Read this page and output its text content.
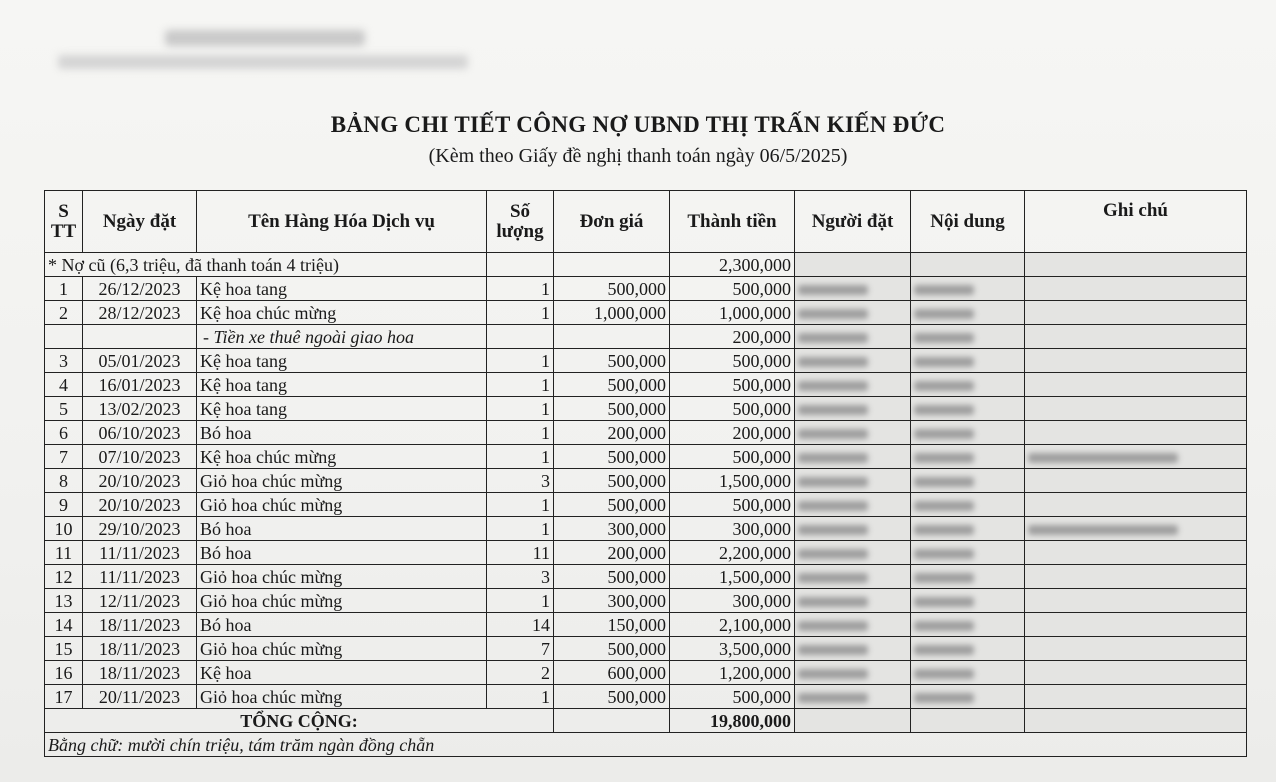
BẢNG CHI TIẾT CÔNG NỢ UBND THỊ TRẤN KIẾN ĐỨC
(Kèm theo Giấy đề nghị thanh toán ngày 06/5/2025)
S TT	Ngày đặt	Tên Hàng Hóa Dịch vụ	Số lượng	Đơn giá	Thành tiền	Người đặt	Nội dung	Ghi chú
* Nợ cũ (6,3 triệu, đã thanh toán 4 triệu)					2,300,000			
1	26/12/2023	Kệ hoa tang	1	500,000	500,000			
2	28/12/2023	Kệ hoa chúc mừng	1	1,000,000	1,000,000			
		- Tiền xe thuê ngoài giao hoa			200,000			
3	05/01/2023	Kệ hoa tang	1	500,000	500,000			
4	16/01/2023	Kệ hoa tang	1	500,000	500,000			
5	13/02/2023	Kệ hoa tang	1	500,000	500,000			
6	06/10/2023	Bó hoa	1	200,000	200,000			
7	07/10/2023	Kệ hoa chúc mừng	1	500,000	500,000			
8	20/10/2023	Giỏ hoa chúc mừng	3	500,000	1,500,000			
9	20/10/2023	Giỏ hoa chúc mừng	1	500,000	500,000			
10	29/10/2023	Bó hoa	1	300,000	300,000			
11	11/11/2023	Bó hoa	11	200,000	2,200,000			
12	11/11/2023	Giỏ hoa chúc mừng	3	500,000	1,500,000			
13	12/11/2023	Giỏ hoa chúc mừng	1	300,000	300,000			
14	18/11/2023	Bó hoa	14	150,000	2,100,000			
15	18/11/2023	Giỏ hoa chúc mừng	7	500,000	3,500,000			
16	18/11/2023	Kệ hoa	2	600,000	1,200,000			
17	20/11/2023	Giỏ hoa chúc mừng	1	500,000	500,000			
TỔNG CỘNG:					19,800,000			
Bằng chữ: mười chín triệu, tám trăm ngàn đồng chẵn								
